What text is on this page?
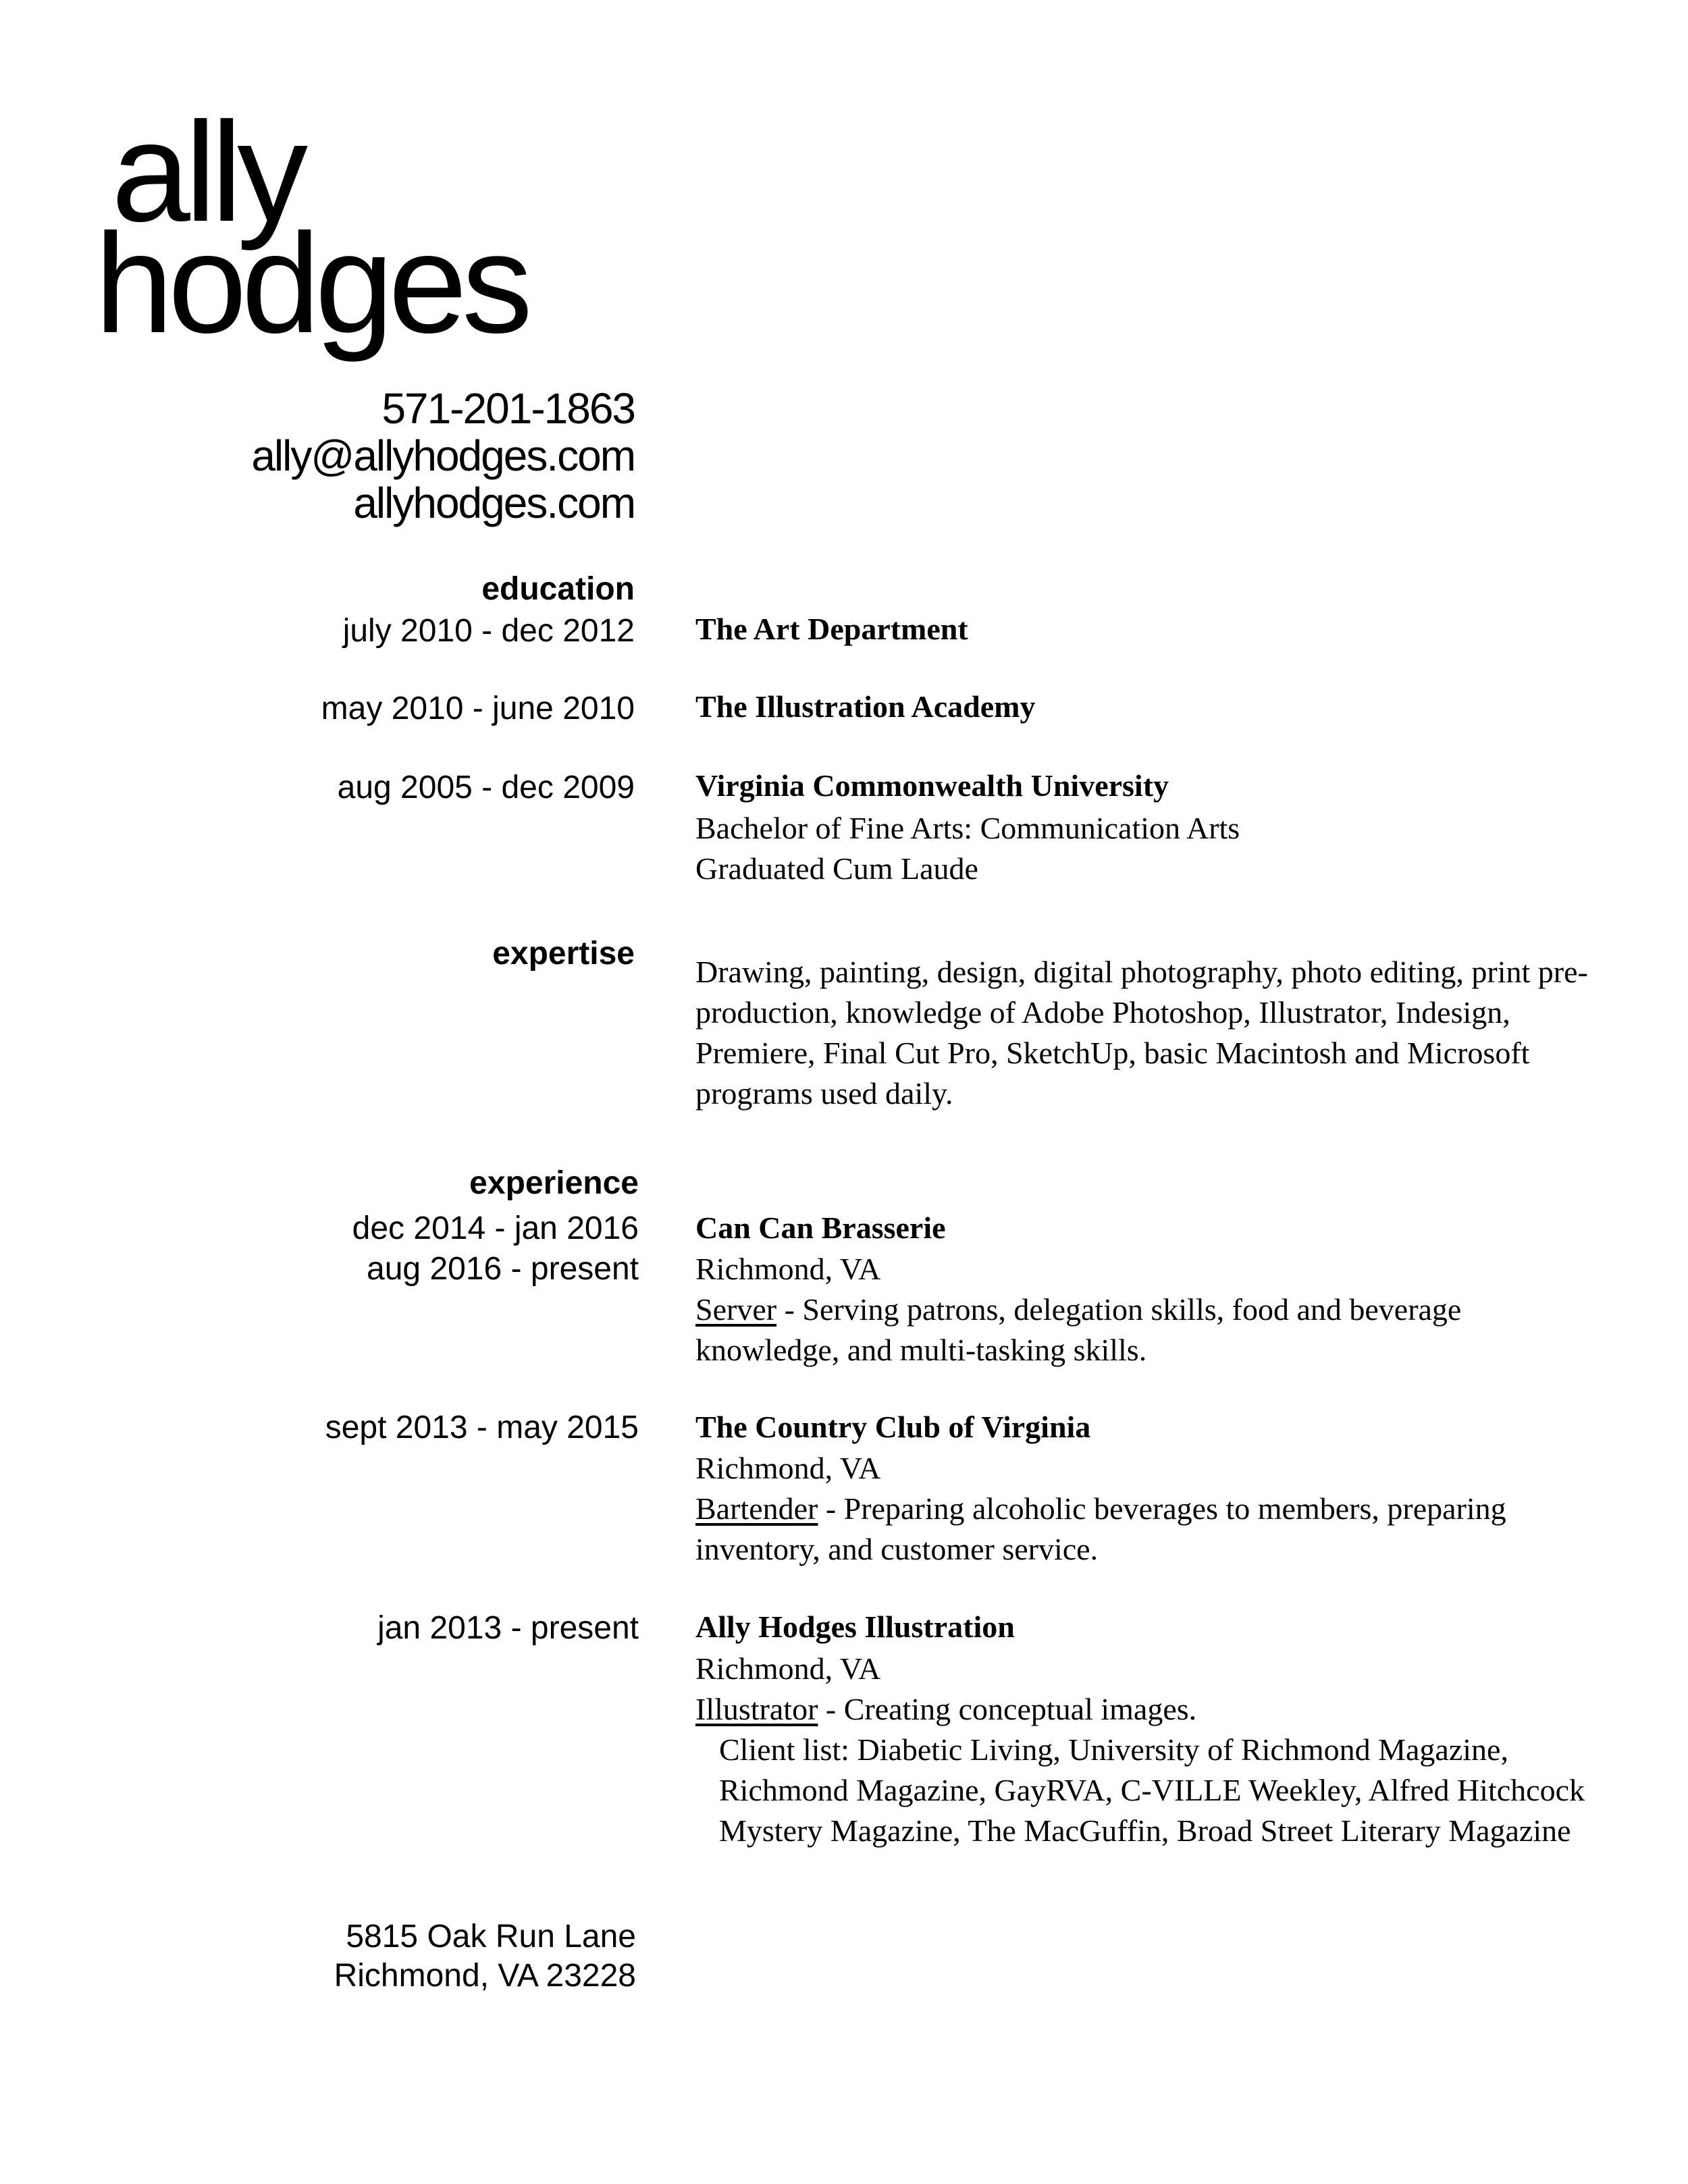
ally
hodges
571-201-1863
ally@allyhodges.com
allyhodges.com
education
july 2010 - dec 2012 The Art Department
may 2010 - june 2010 The Illustration Academy
aug 2005 - dec 2009 Virginia Commonwealth University
Bachelor of Fine Arts: Communication Arts
Graduated Cum Laude
expertise
Drawing, painting, design, digital photography, photo editing, print pre-production, knowledge of Adobe Photoshop, Illustrator, Indesign, Premiere, Final Cut Pro, SketchUp, basic Macintosh and Microsoft programs used daily.
experience
dec 2014 - jan 2016
aug 2016 - present
Can Can Brasserie
Richmond, VA
Server - Serving patrons, delegation skills, food and beverage knowledge, and multi-tasking skills.
sept 2013 - may 2015 The Country Club of Virginia
Richmond, VA
Bartender - Preparing alcoholic beverages to members, preparing inventory, and customer service.
jan 2013 - present Ally Hodges Illustration
Richmond, VA
Illustrator - Creating conceptual images.
Client list: Diabetic Living, University of Richmond Magazine, Richmond Magazine, GayRVA, C-VILLE Weekley, Alfred Hitchcock Mystery Magazine, The MacGuffin, Broad Street Literary Magazine
5815 Oak Run Lane
Richmond, VA 23228
